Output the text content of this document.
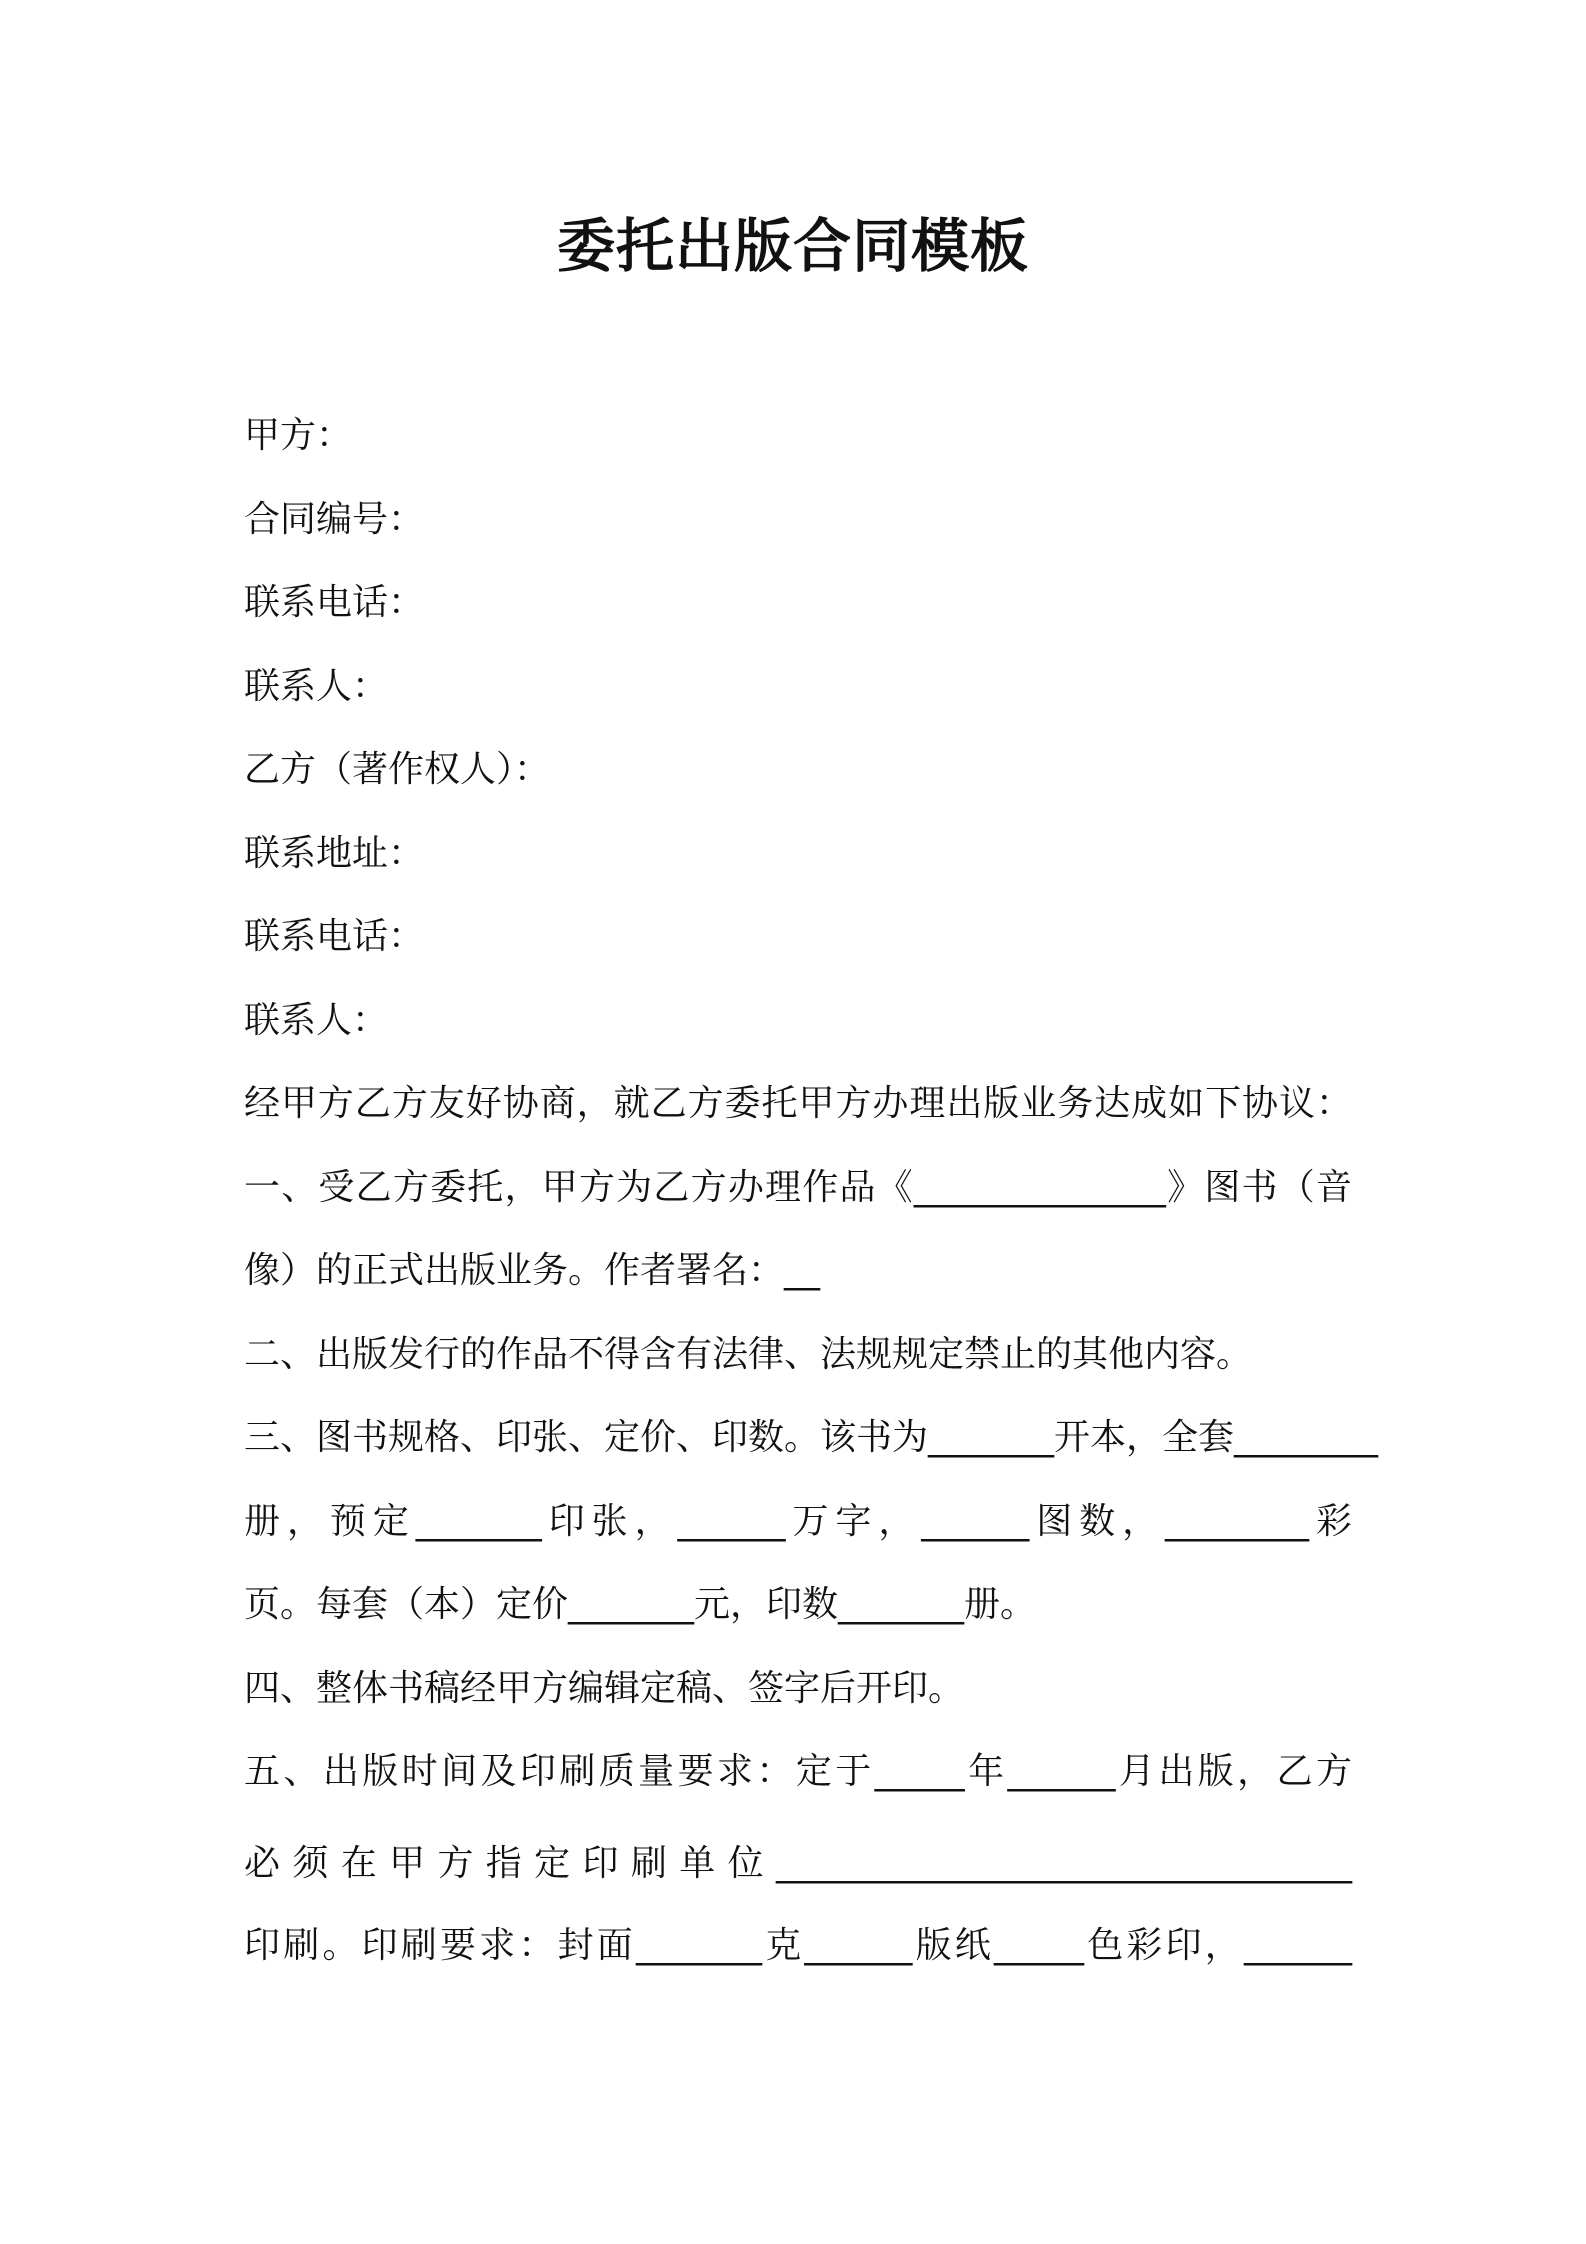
委托出版合同模板
甲方：
合同编号：
联系电话：
联系人：
乙方（著作权人）：
联系地址：
联系电话：
联系人：
经甲方乙方友好协商，就乙方委托甲方办理出版业务达成如下协议：
一、受乙方委托，甲方为乙方办理作品《______________》图书（音
像）的正式出版业务。作者署名：__
二、出版发行的作品不得含有法律、法规规定禁止的其他内容。
三、图书规格、印张、定价、印数。该书为_______开本，全套________
册，预定_______印张，______万字，______图数，________彩
页。每套（本）定价_______元，印数_______册。
四、整体书稿经甲方编辑定稿、签字后开印。
五、出版时间及印刷质量要求：定于_____年______月出版，乙方
必须在甲方指定印刷单位________________________________
印刷。印刷要求：封面_______克______版纸_____色彩印，______
